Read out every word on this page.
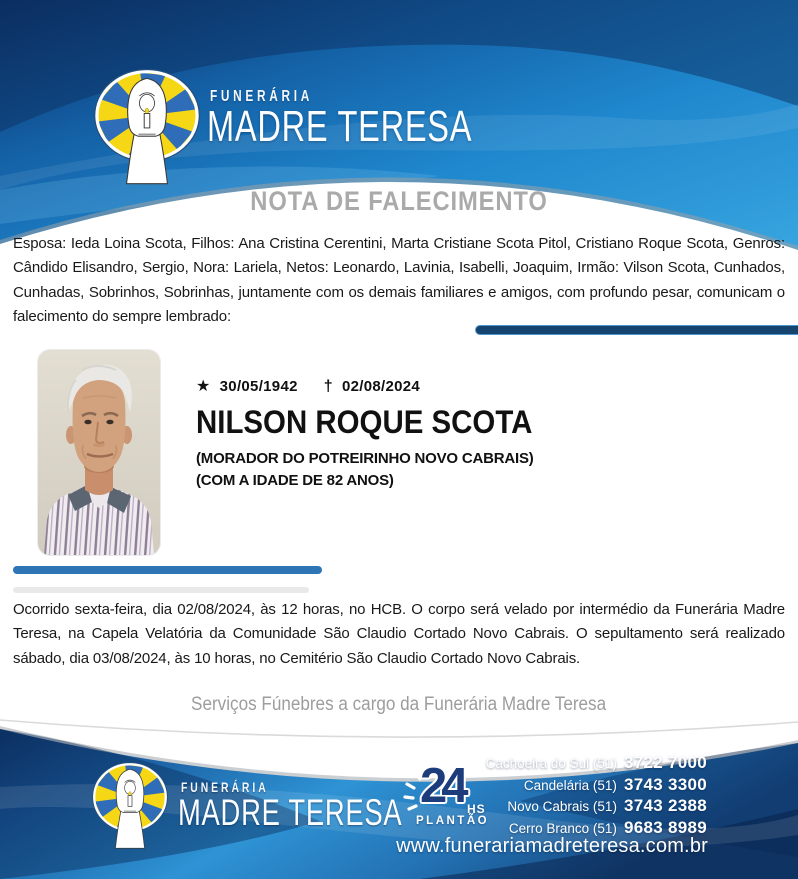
FUNERÁRIA
MADRE TERESA
NOTA DE FALECIMENTO

Esposa: Ieda Loina Scota, Filhos: Ana Cristina Cerentini, Marta Cristiane Scota Pitol, Cristiano Roque Scota, Genros: Cândido Elisandro, Sergio, Nora: Lariela, Netos: Leonardo, Lavinia, Isabelli, Joaquim, Irmão: Vilson Scota, Cunhados, Cunhadas, Sobrinhos, Sobrinhas, juntamente com os demais familiares e amigos, com profundo pesar, comunicam o falecimento do sempre lembrado:

★ 30/05/1942 † 02/08/2024
NILSON ROQUE SCOTA
(MORADOR DO POTREIRINHO NOVO CABRAIS)
(COM A IDADE DE 82 ANOS)

Ocorrido sexta-feira, dia 02/08/2024, às 12 horas, no HCB. O corpo será velado por intermédio da Funerária Madre Teresa, na Capela Velatória da Comunidade São Claudio Cortado Novo Cabrais. O sepultamento será realizado sábado, dia 03/08/2024, às 10 horas, no Cemitério São Claudio Cortado Novo Cabrais.

Serviços Fúnebres a cargo da Funerária Madre Teresa

FUNERÁRIA
MADRE TERESA 24 HS
PLANTÃO
Cachoeira do Sul (51) 3722 7000
Candelária (51) 3743 3300
Novo Cabrais (51) 3743 2388
Cerro Branco (51) 9683 8989
www.funerariamadreteresa.com.br
